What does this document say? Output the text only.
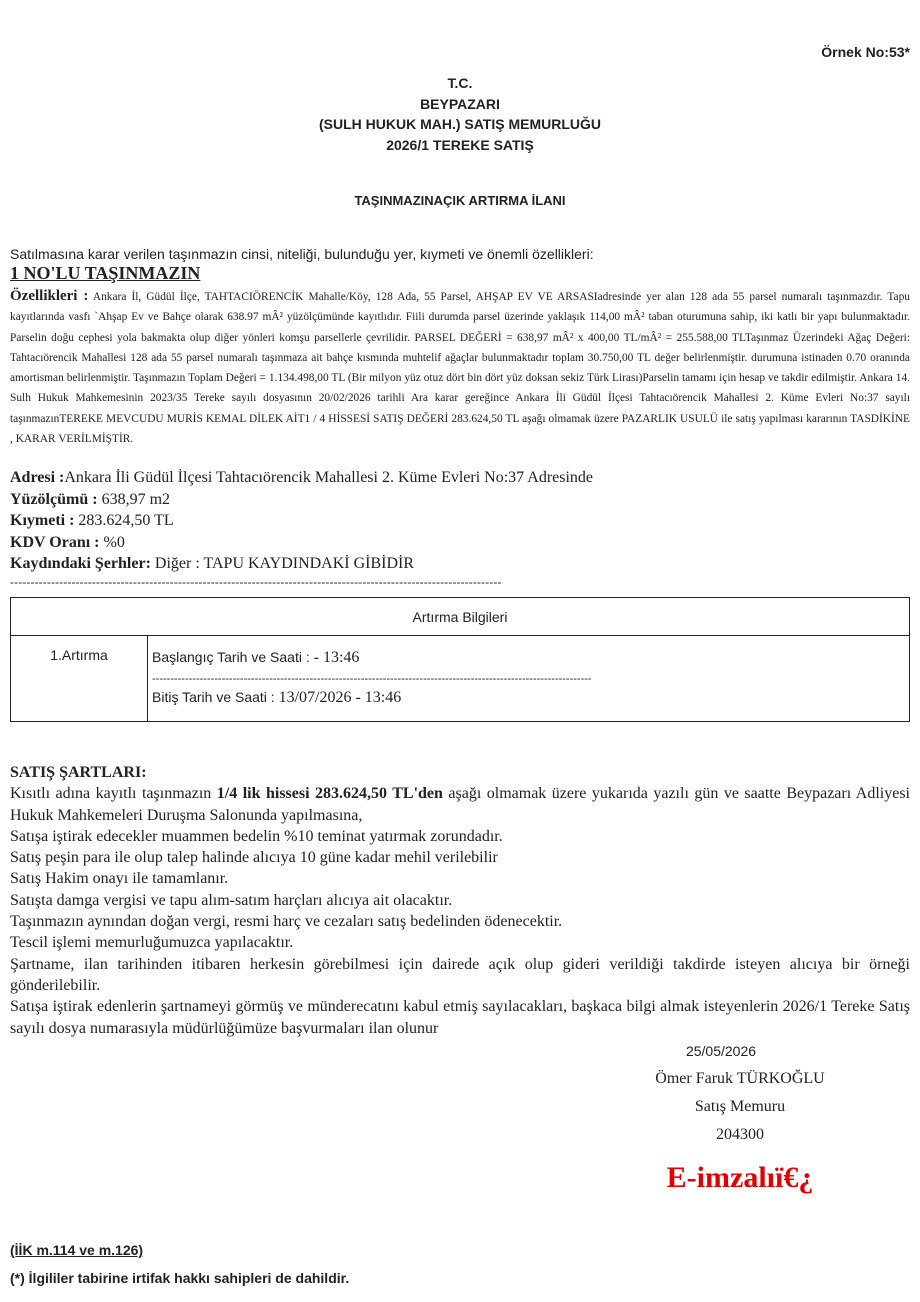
Örnek No:53*
T.C.
BEYPAZARI
(SULH HUKUK MAH.) SATIŞ MEMURLUĞU
2026/1 TEREKE SATIŞ
TAŞINMAZINAÇIK ARTIRMA İLANI
Satılmasına karar verilen taşınmazın cinsi, niteliği, bulunduğu yer, kıymeti ve önemli özellikleri:
1 NO'LU TAŞINMAZIN
Özellikleri : Ankara İl, Güdül İlçe, TAHTACIÖRENCİK Mahalle/Köy, 128 Ada, 55 Parsel, AHŞAP EV VE ARSASIadresinde yer alan 128 ada 55 parsel numaralı taşınmazdır. Tapu kayıtlarında vasfı `Ahşap Ev ve Bahçe olarak 638.97 mÂ² yüzölçümünde kayıtlıdır. Fiili durumda parsel üzerinde yaklaşık 114,00 mÂ² taban oturumuna sahip, iki katlı bir yapı bulunmaktadır. Parselin doğu cephesi yola bakmakta olup diğer yönleri komşu parsellerle çevrilidir. PARSEL DEĞERİ = 638,97 mÂ² x 400,00 TL/mÂ² = 255.588,00 TLTaşınmaz Üzerindeki Ağaç Değeri: Tahtacıörencik Mahallesi 128 ada 55 parsel numaralı taşınmaza ait bahçe kısmında muhtelif ağaçlar bulunmaktadır toplam 30.750,00 TL değer belirlenmiştir. durumuna istinaden 0.70 oranında amortisman belirlenmiştir. Taşınmazın Toplam Değeri = 1.134.498,00 TL (Bir milyon yüz otuz dört bin dört yüz doksan sekiz Türk Lirası)Parselin tamamı için hesap ve takdir edilmiştir. Ankara 14. Sulh Hukuk Mahkemesinin 2023/35 Tereke sayılı dosyasının 20/02/2026 tarihli Ara karar gereğince Ankara İli Güdül İlçesi Tahtacıörencik Mahallesi 2. Küme Evleri No:37 sayılı taşınmazınTEREKE MEVCUDU MURİS KEMAL DİLEK AİT1 / 4 HİSSESİ SATIŞ DEĞERİ 283.624,50 TL aşağı olmamak üzere PAZARLIK USULÜ ile satış yapılması kararının TASDİKİNE , KARAR VERİLMİŞTİR.
Adresi :Ankara İli Güdül İlçesi Tahtacıörencik Mahallesi 2. Küme Evleri No:37 Adresinde
Yüzölçümü : 638,97 m2
Kıymeti : 283.624,50 TL
KDV Oranı : %0
Kaydındaki Şerhler: Diğer : TAPU KAYDINDAKİ GİBİDİR
------------------------------------------------------------------------------------------------------------------------
Artırma Bilgileri
1.Artırma	Başlangıç Tarih ve Saati : - 13:46
------------------------------------------------------------------------------------------------------------------------
Bitiş Tarih ve Saati : 13/07/2026 - 13:46
SATIŞ ŞARTLARI:
Kısıtlı adına kayıtlı taşınmazın 1/4 lik hissesi 283.624,50 TL'den aşağı olmamak üzere yukarıda yazılı gün ve saatte Beypazarı Adliyesi Hukuk Mahkemeleri Duruşma Salonunda yapılmasına,
Satışa iştirak edecekler muammen bedelin %10 teminat yatırmak zorundadır.
Satış peşin para ile olup talep halinde alıcıya 10 güne kadar mehil verilebilir
Satış Hakim onayı ile tamamlanır.
Satışta damga vergisi ve tapu alım-satım harçları alıcıya ait olacaktır.
Taşınmazın aynından doğan vergi, resmi harç ve cezaları satış bedelinden ödenecektir.
Tescil işlemi memurluğumuzca yapılacaktır.
Şartname, ilan tarihinden itibaren herkesin görebilmesi için dairede açık olup gideri verildiği takdirde isteyen alıcıya bir örneği gönderilebilir.
Satışa iştirak edenlerin şartnameyi görmüş ve münderecatını kabul etmiş sayılacakları, başkaca bilgi almak isteyenlerin 2026/1 Tereke Satış sayılı dosya numarasıyla müdürlüğümüze başvurmaları ilan olunur
25/05/2026
Ömer Faruk TÜRKOĞLU
Satış Memuru
204300
E-imzalıï€¿
(İİK m.114 ve m.126)
(*) İlgililer tabirine irtifak hakkı sahipleri de dahildir.
